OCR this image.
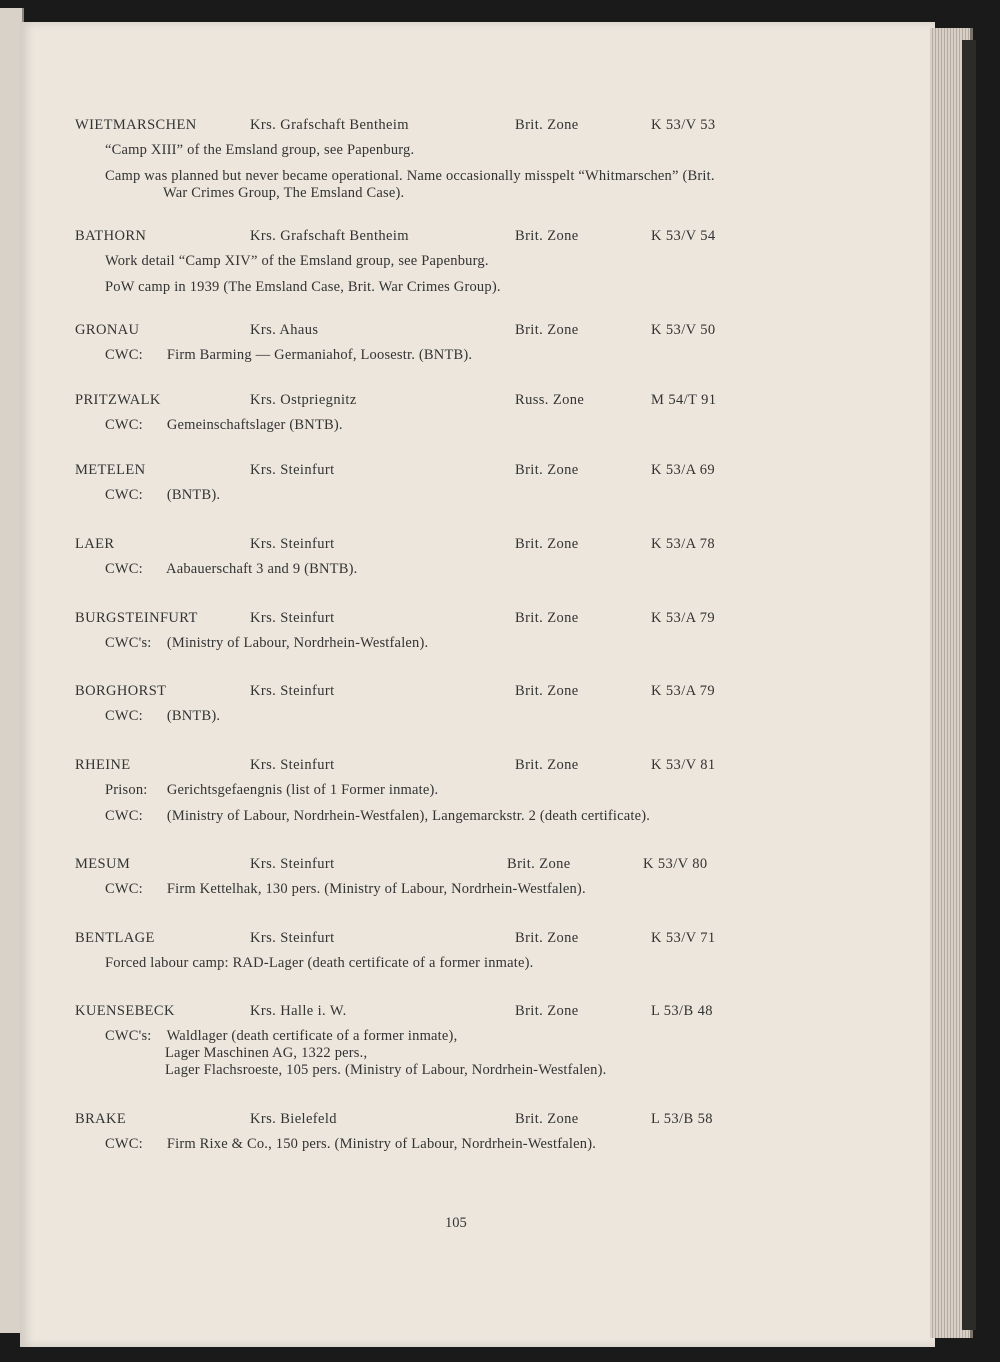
WIETMARSCHEN	Krs. Grafschaft Bentheim	Brit. Zone	K 53/V 53
“Camp XIII” of the Emsland group, see Papenburg.
Camp was planned but never became operational. Name occasionally misspelt “Whitmarschen” (Brit.
War Crimes Group, The Emsland Case).
BATHORN	Krs. Grafschaft Bentheim	Brit. Zone	K 53/V 54
Work detail “Camp XIV” of the Emsland group, see Papenburg.
PoW camp in 1939 (The Emsland Case, Brit. War Crimes Group).
GRONAU	Krs. Ahaus	Brit. Zone	K 53/V 50
CWC: Firm Barming — Germaniahof, Loosestr. (BNTB).
PRITZWALK	Krs. Ostpriegnitz	Russ. Zone	M 54/T 91
CWC: Gemeinschaftslager (BNTB).
METELEN	Krs. Steinfurt	Brit. Zone	K 53/A 69
CWC: (BNTB).
LAER	Krs. Steinfurt	Brit. Zone	K 53/A 78
CWC: Aabauerschaft 3 and 9 (BNTB).
BURGSTEINFURT	Krs. Steinfurt	Brit. Zone	K 53/A 79
CWC's: (Ministry of Labour, Nordrhein-Westfalen).
BORGHORST	Krs. Steinfurt	Brit. Zone	K 53/A 79
CWC: (BNTB).
RHEINE	Krs. Steinfurt	Brit. Zone	K 53/V 81
Prison: Gerichtsgefaengnis (list of 1 Former inmate).
CWC: (Ministry of Labour, Nordrhein-Westfalen), Langemarckstr. 2 (death certificate).
MESUM	Krs. Steinfurt	Brit. Zone	K 53/V 80
CWC: Firm Kettelhak, 130 pers. (Ministry of Labour, Nordrhein-Westfalen).
BENTLAGE	Krs. Steinfurt	Brit. Zone	K 53/V 71
Forced labour camp: RAD-Lager (death certificate of a former inmate).
KUENSEBECK	Krs. Halle i. W.	Brit. Zone	L 53/B 48
CWC's: Waldlager (death certificate of a former inmate),
Lager Maschinen AG, 1322 pers.,
Lager Flachsroeste, 105 pers. (Ministry of Labour, Nordrhein-Westfalen).
BRAKE	Krs. Bielefeld	Brit. Zone	L 53/B 58
CWC: Firm Rixe & Co., 150 pers. (Ministry of Labour, Nordrhein-Westfalen).
105
